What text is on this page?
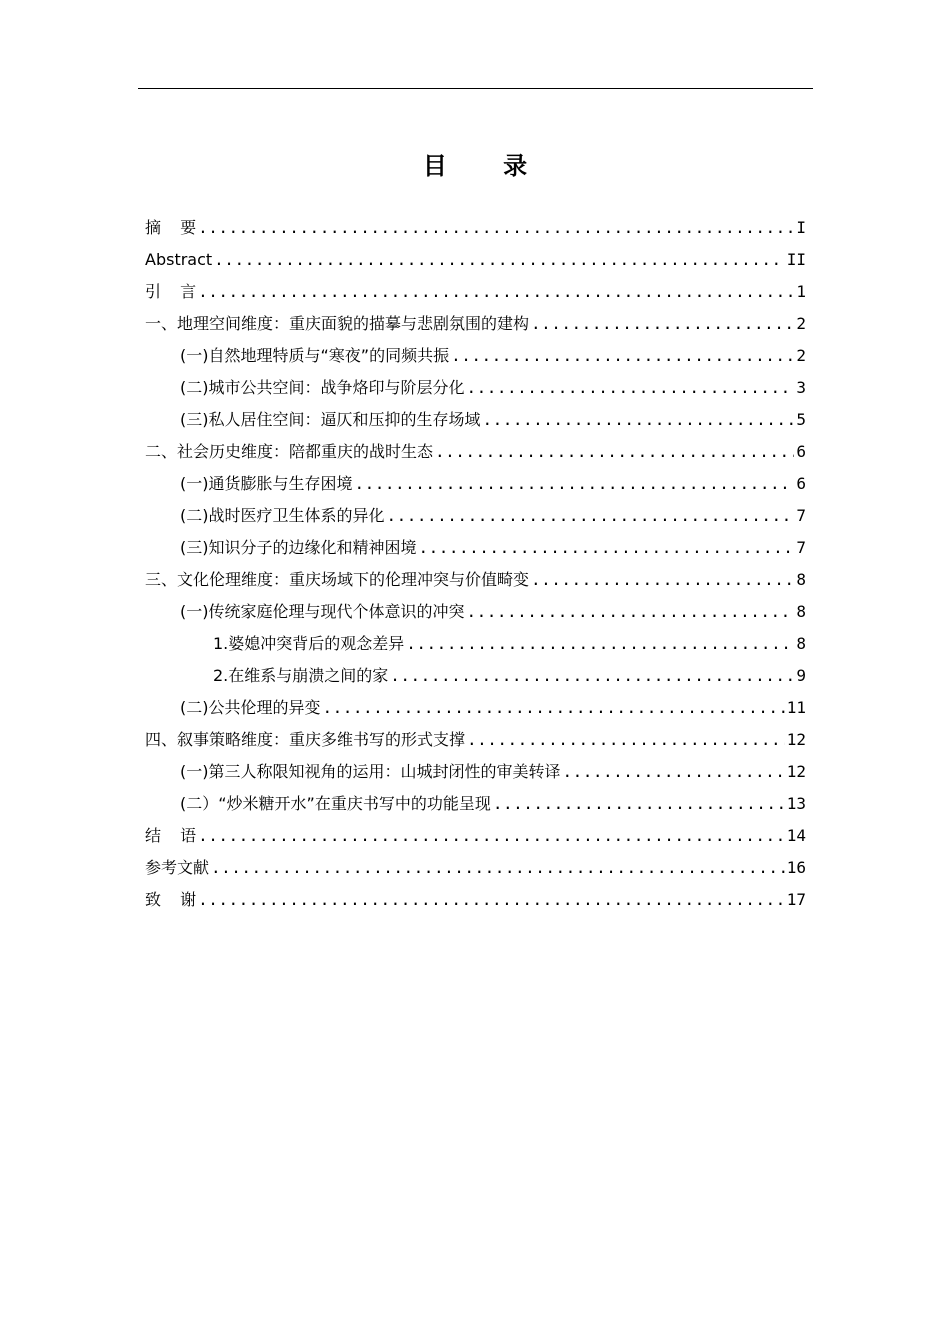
目 录
摘 要 .....	I
Abstract .....	II
引 言 .....	1
一、地理空间维度：重庆面貌的描摹与悲剧氛围的建构 .....	2
(一)自然地理特质与“寒夜”的同频共振 .....	2
(二)城市公共空间：战争烙印与阶层分化 .....	3
(三)私人居住空间：逼仄和压抑的生存场域 .....	5
二、社会历史维度：陪都重庆的战时生态 .....	6
(一)通货膨胀与生存困境 .....	6
(二)战时医疗卫生体系的异化 .....	7
(三)知识分子的边缘化和精神困境 .....	7
三、文化伦理维度：重庆场域下的伦理冲突与价值畸变 .....	8
(一)传统家庭伦理与现代个体意识的冲突 .....	8
1.婆媳冲突背后的观念差异 .....	8
2.在维系与崩溃之间的家 .....	9
(二)公共伦理的异变 .....	11
四、叙事策略维度：重庆多维书写的形式支撑 .....	12
(一)第三人称限知视角的运用：山城封闭性的审美转译 .....	12
(二）“炒米糖开水”在重庆书写中的功能呈现 .....	13
结 语 .....	14
参考文献 .....	16
致 谢 .....	17
